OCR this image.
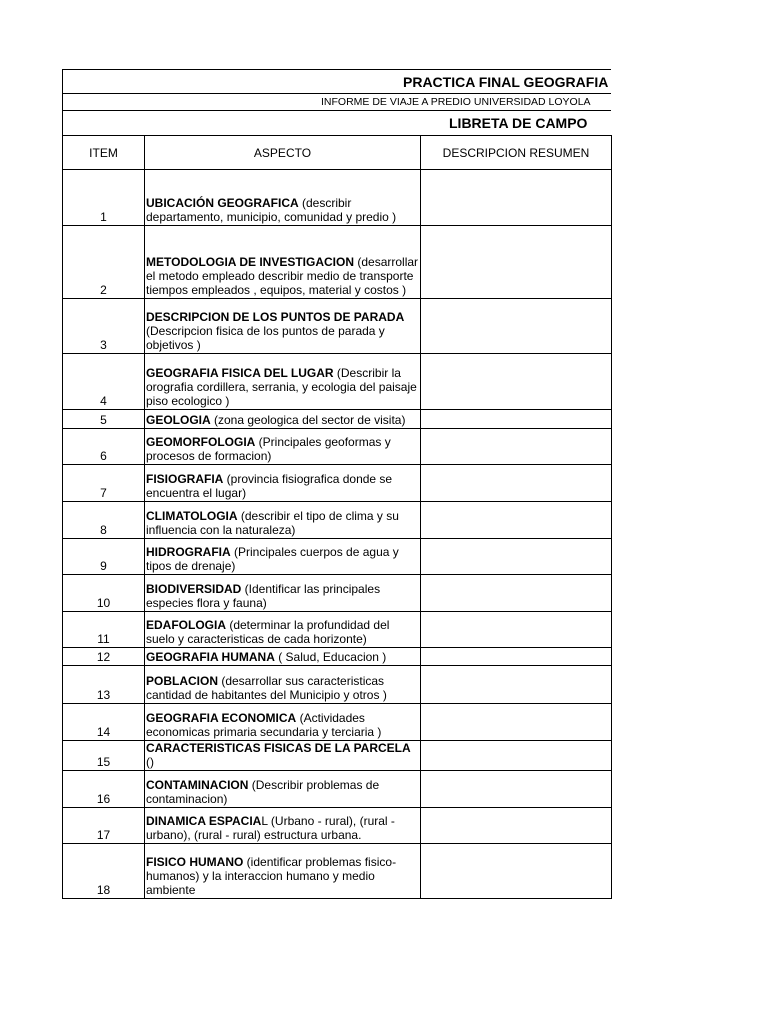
PRACTICA FINAL GEOGRAFIA
INFORME DE VIAJE A PREDIO UNIVERSIDAD LOYOLA
LIBRETA DE CAMPO
ITEM	ASPECTO	DESCRIPCION RESUMEN
1	UBICACIÓN GEOGRAFICA (describir departamento, municipio, comunidad y predio )	
2	METODOLOGIA DE INVESTIGACION (desarrollar el metodo empleado describir medio de transporte tiempos empleados , equipos, material y costos )	
3	DESCRIPCION DE LOS PUNTOS DE PARADA (Descripcion fisica de los puntos de parada y objetivos )	
4	GEOGRAFIA FISICA DEL LUGAR (Describir la orografia cordillera, serrania, y ecologia del paisaje piso ecologico )	
5	GEOLOGIA (zona geologica del sector de visita)	
6	GEOMORFOLOGIA (Principales geoformas y procesos de formacion)	
7	FISIOGRAFIA (provincia fisiografica donde se encuentra el lugar)	
8	CLIMATOLOGIA (describir el tipo de clima y su influencia con la naturaleza)	
9	HIDROGRAFIA (Principales cuerpos de agua y tipos de drenaje)	
10	BIODIVERSIDAD (Identificar las principales especies flora y fauna)	
11	EDAFOLOGIA (determinar la profundidad del suelo y caracteristicas de cada horizonte)	
12	GEOGRAFIA HUMANA ( Salud, Educacion )	
13	POBLACION (desarrollar sus caracteristicas cantidad de habitantes del Municipio y otros )	
14	GEOGRAFIA ECONOMICA (Actividades economicas primaria secundaria y terciaria )	
15	CARACTERISTICAS FISICAS DE LA PARCELA ()	
16	CONTAMINACION (Describir problemas de contaminacion)	
17	DINAMICA ESPACIAL (Urbano - rural), (rural - urbano), (rural - rural) estructura urbana.	
18	FISICO HUMANO (identificar problemas fisico-humanos) y la interaccion humano y medio ambiente	
